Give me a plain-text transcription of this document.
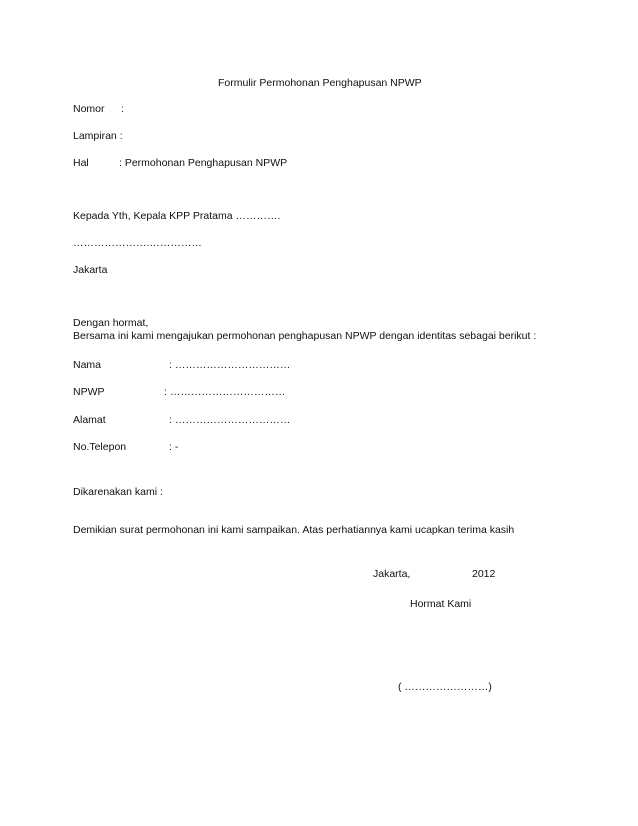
Formulir Permohonan Penghapusan NPWP
Nomor :
Lampiran :
Hal	: Permohonan Penghapusan NPWP
Kepada Yth, Kepala KPP Pratama ………….
………………….……………
Jakarta
Dengan hormat,
Bersama ini kami mengajukan permohonan penghapusan NPWP dengan identitas sebagai berikut :
Nama	: ……………………………
NPWP	: ……………………………
Alamat	: ……………………………
No.Telepon	: -
Dikarenakan kami :
Demikian surat permohonan ini kami sampaikan. Atas perhatiannya kami ucapkan terima kasih
Jakarta,	2012
Hormat Kami
( ……………………)
